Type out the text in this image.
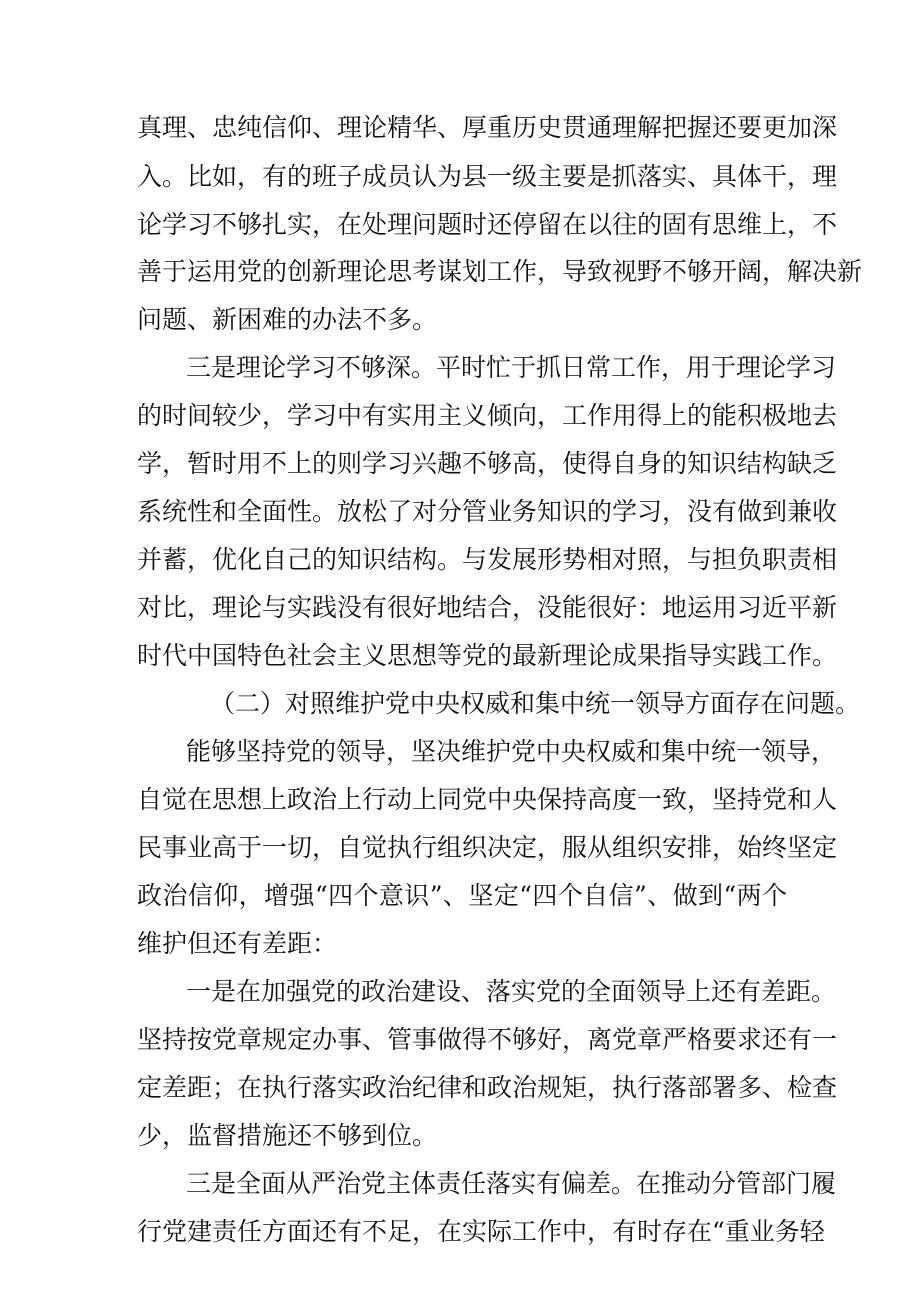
真理、忠纯信仰、理论精华、厚重历史贯通理解把握还要更加深
入。比如，有的班子成员认为县一级主要是抓落实、具体干，理
论学习不够扎实，在处理问题时还停留在以往的固有思维上，不
善于运用党的创新理论思考谋划工作，导致视野不够开阔，解决新
问题、新困难的办法不多。
三是理论学习不够深。平时忙于抓日常工作，用于理论学习
的时间较少，学习中有实用主义倾向，工作用得上的能积极地去
学，暂时用不上的则学习兴趣不够高，使得自身的知识结构缺乏
系统性和全面性。放松了对分管业务知识的学习，没有做到兼收
并蓄，优化自己的知识结构。与发展形势相对照，与担负职责相
对比，理论与实践没有很好地结合，没能很好：地运用习近平新
时代中国特色社会主义思想等党的最新理论成果指导实践工作。
（二）对照维护党中央权威和集中统一领导方面存在问题。
能够坚持党的领导，坚决维护党中央权威和集中统一领导，
自觉在思想上政治上行动上同党中央保持高度一致，坚持党和人
民事业高于一切，自觉执行组织决定，服从组织安排，始终坚定
政治信仰，增强“四个意识”、坚定“四个自信”、做到“两个
维护但还有差距：
一是在加强党的政治建设、落实党的全面领导上还有差距。
坚持按党章规定办事、管事做得不够好，离党章严格要求还有一
定差距；在执行落实政治纪律和政治规矩，执行落部署多、检查
少，监督措施还不够到位。
三是全面从严治党主体责任落实有偏差。在推动分管部门履
行党建责任方面还有不足，在实际工作中，有时存在“重业务轻
